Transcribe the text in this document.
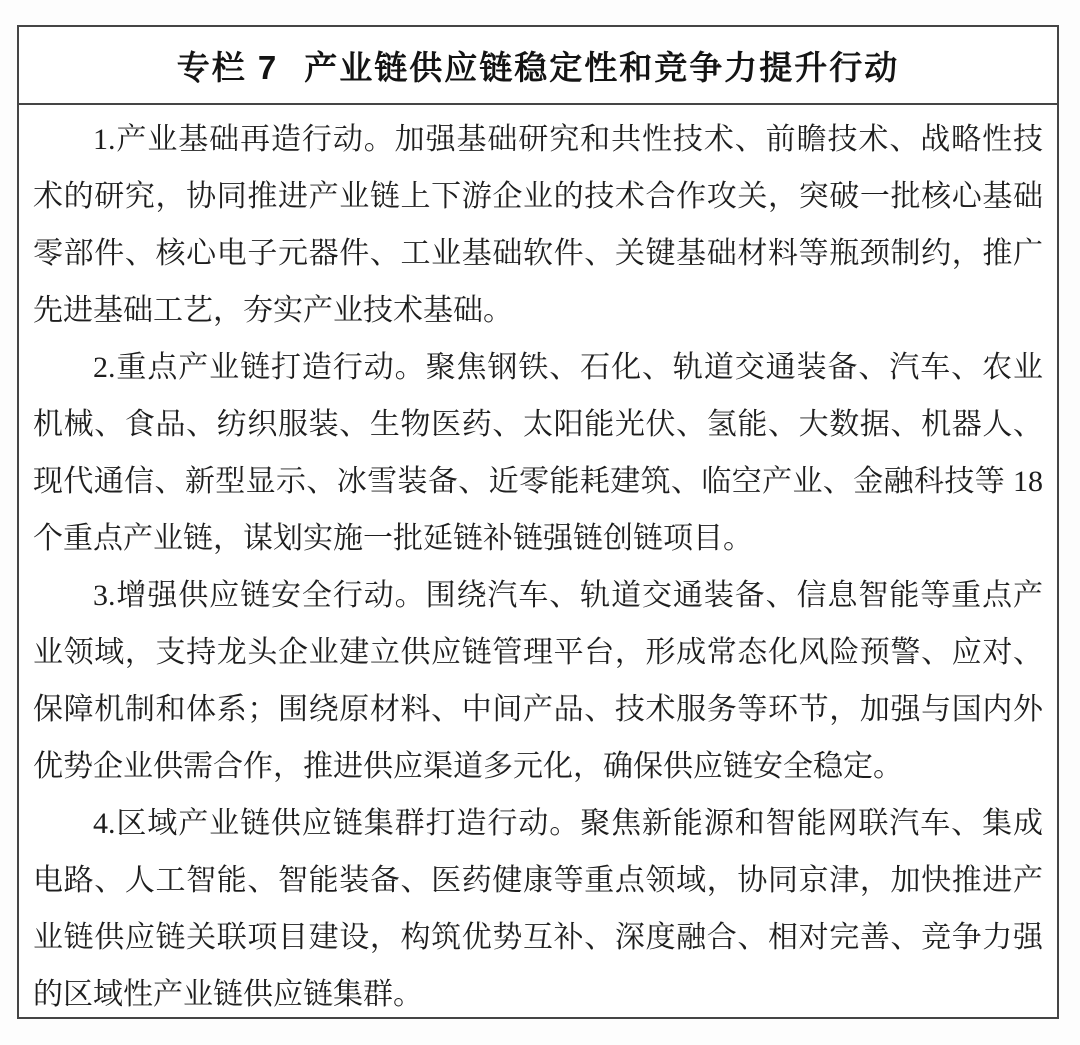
专栏 7 产业链供应链稳定性和竞争力提升行动

1.产业基础再造行动。加强基础研究和共性技术、前瞻技术、战略性技术的研究，协同推进产业链上下游企业的技术合作攻关，突破一批核心基础零部件、核心电子元器件、工业基础软件、关键基础材料等瓶颈制约，推广先进基础工艺，夯实产业技术基础。

2.重点产业链打造行动。聚焦钢铁、石化、轨道交通装备、汽车、农业机械、食品、纺织服装、生物医药、太阳能光伏、氢能、大数据、机器人、现代通信、新型显示、冰雪装备、近零能耗建筑、临空产业、金融科技等 18 个重点产业链，谋划实施一批延链补链强链创链项目。

3.增强供应链安全行动。围绕汽车、轨道交通装备、信息智能等重点产业领域，支持龙头企业建立供应链管理平台，形成常态化风险预警、应对、保障机制和体系；围绕原材料、中间产品、技术服务等环节，加强与国内外优势企业供需合作，推进供应渠道多元化，确保供应链安全稳定。

4.区域产业链供应链集群打造行动。聚焦新能源和智能网联汽车、集成电路、人工智能、智能装备、医药健康等重点领域，协同京津，加快推进产业链供应链关联项目建设，构筑优势互补、深度融合、相对完善、竞争力强的区域性产业链供应链集群。
